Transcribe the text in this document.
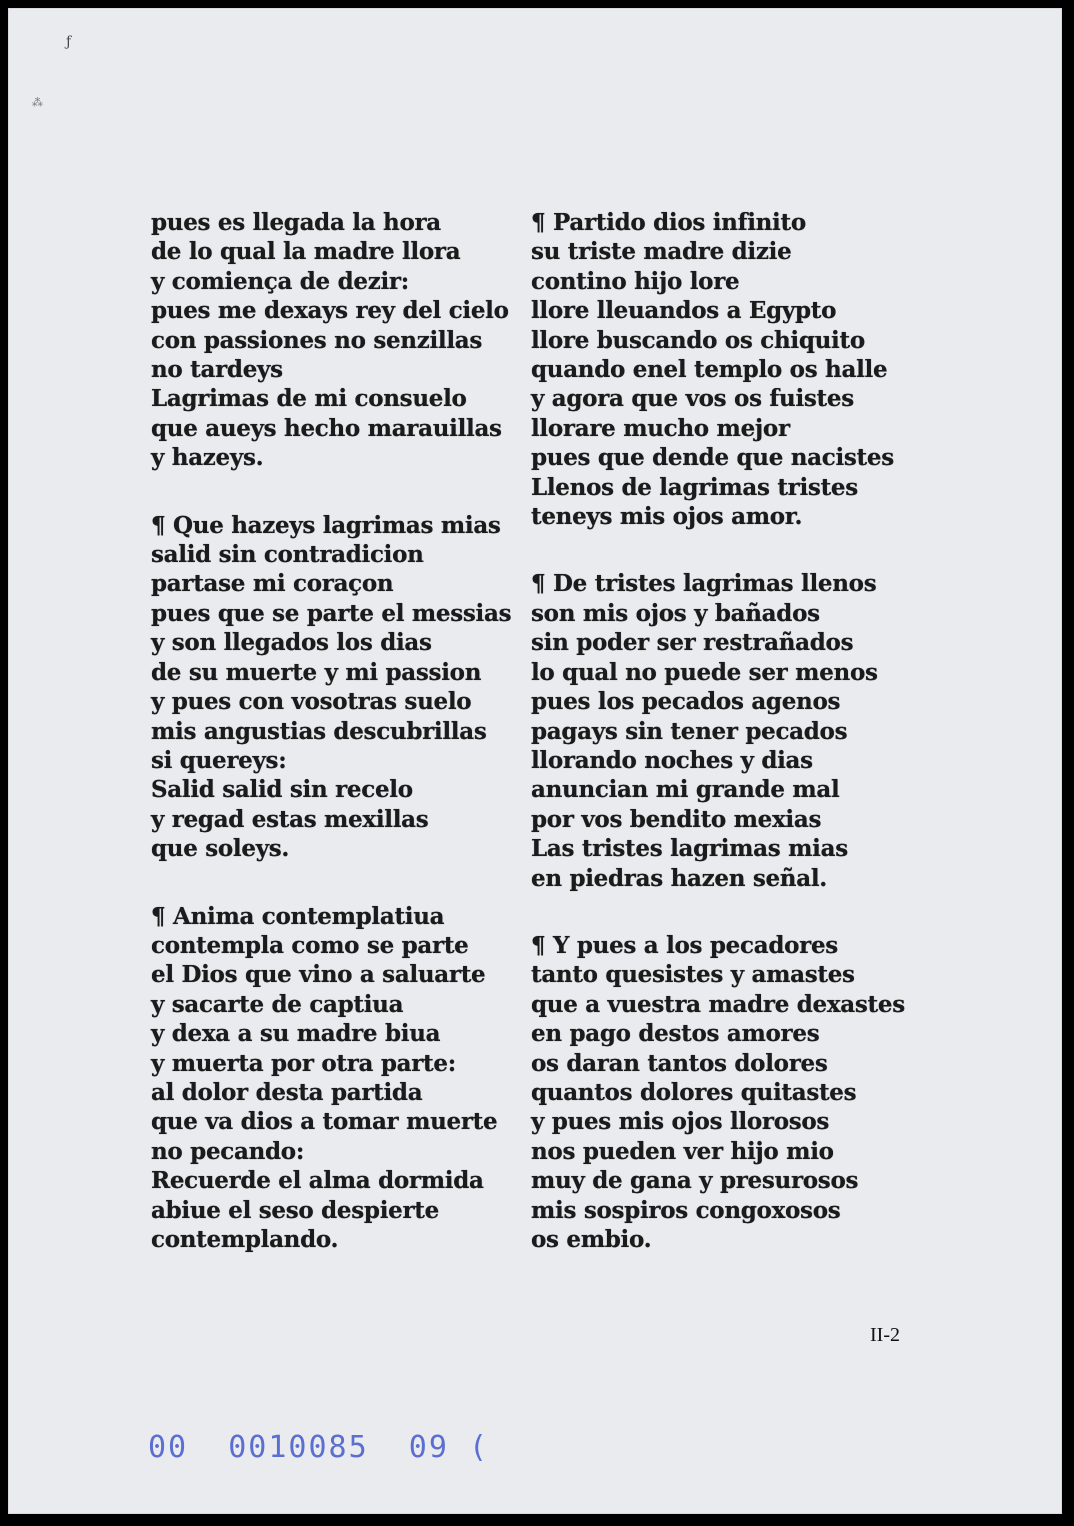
ƒ
⁂
pues es llegada la hora
de lo qual la madre llora
y comiença de dezir:
pues me dexays rey del cielo
con passiones no senzillas
no tardeys
Lagrimas de mi consuelo
que aueys hecho marauillas
y hazeys.
¶ Que hazeys lagrimas mias
salid sin contradicion
partase mi coraçon
pues que se parte el messias
y son llegados los dias
de su muerte y mi passion
y pues con vosotras suelo
mis angustias descubrillas
si quereys:
Salid salid sin recelo
y regad estas mexillas
que soleys.
¶ Anima contemplatiua
contempla como se parte
el Dios que vino a saluarte
y sacarte de captiua
y dexa a su madre biua
y muerta por otra parte:
al dolor desta partida
que va dios a tomar muerte
no pecando:
Recuerde el alma dormida
abiue el seso despierte
contemplando.
¶ Partido dios infinito
su triste madre dizie
contino hijo lore
llore lleuandos a Egypto
llore buscando os chiquito
quando enel templo os halle
y agora que vos os fuistes
llorare mucho mejor
pues que dende que nacistes
Llenos de lagrimas tristes
teneys mis ojos amor.
¶ De tristes lagrimas llenos
son mis ojos y bañados
sin poder ser restrañados
lo qual no puede ser menos
pues los pecados agenos
pagays sin tener pecados
llorando noches y dias
anuncian mi grande mal
por vos bendito mexias
Las tristes lagrimas mias
en piedras hazen señal.
¶ Y pues a los pecadores
tanto quesistes y amastes
que a vuestra madre dexastes
en pago destos amores
os daran tantos dolores
quantos dolores quitastes
y pues mis ojos llorosos
nos pueden ver hijo mio
muy de gana y presurosos
mis sospiros congoxosos
os embio.
II-2
00  0010085  09 (
